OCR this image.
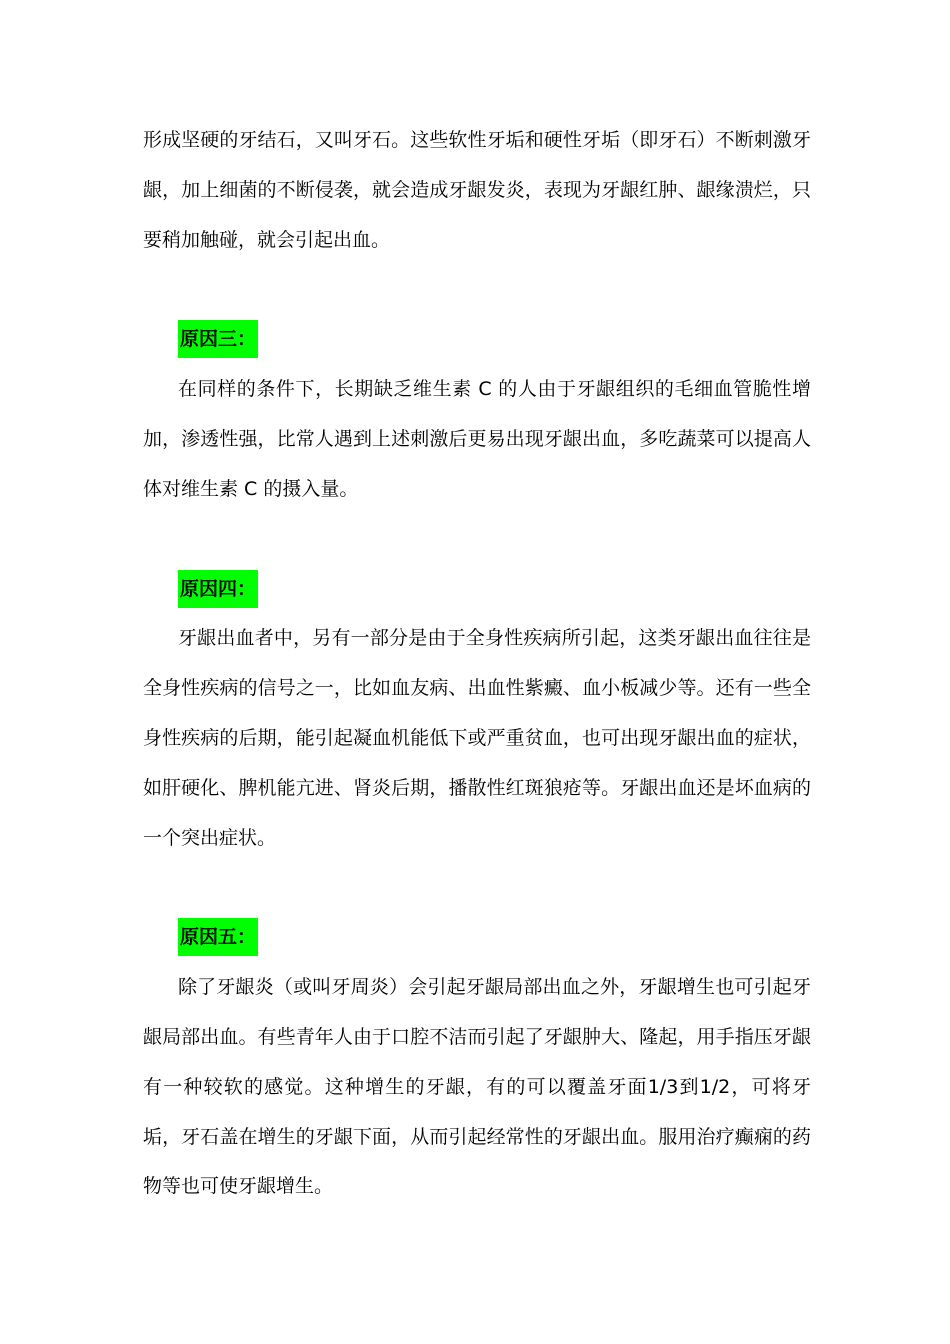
形成坚硬的牙结石，又叫牙石。这些软性牙垢和硬性牙垢（即牙石）不断刺激牙龈，加上细菌的不断侵袭，就会造成牙龈发炎，表现为牙龈红肿、龈缘溃烂，只要稍加触碰，就会引起出血。

原因三：

在同样的条件下，长期缺乏维生素 C 的人由于牙龈组织的毛细血管脆性增加，渗透性强，比常人遇到上述刺激后更易出现牙龈出血，多吃蔬菜可以提高人体对维生素 C 的摄入量。

原因四：

牙龈出血者中，另有一部分是由于全身性疾病所引起，这类牙龈出血往往是全身性疾病的信号之一，比如血友病、出血性紫癜、血小板减少等。还有一些全身性疾病的后期，能引起凝血机能低下或严重贫血，也可出现牙龈出血的症状，如肝硬化、脾机能亢进、肾炎后期，播散性红斑狼疮等。牙龈出血还是坏血病的一个突出症状。

原因五：

除了牙龈炎（或叫牙周炎）会引起牙龈局部出血之外，牙龈增生也可引起牙龈局部出血。有些青年人由于口腔不洁而引起了牙龈肿大、隆起，用手指压牙龈有一种较软的感觉。这种增生的牙龈，有的可以覆盖牙面1/3到1/2，可将牙垢，牙石盖在增生的牙龈下面，从而引起经常性的牙龈出血。服用治疗癫痫的药物等也可使牙龈增生。
